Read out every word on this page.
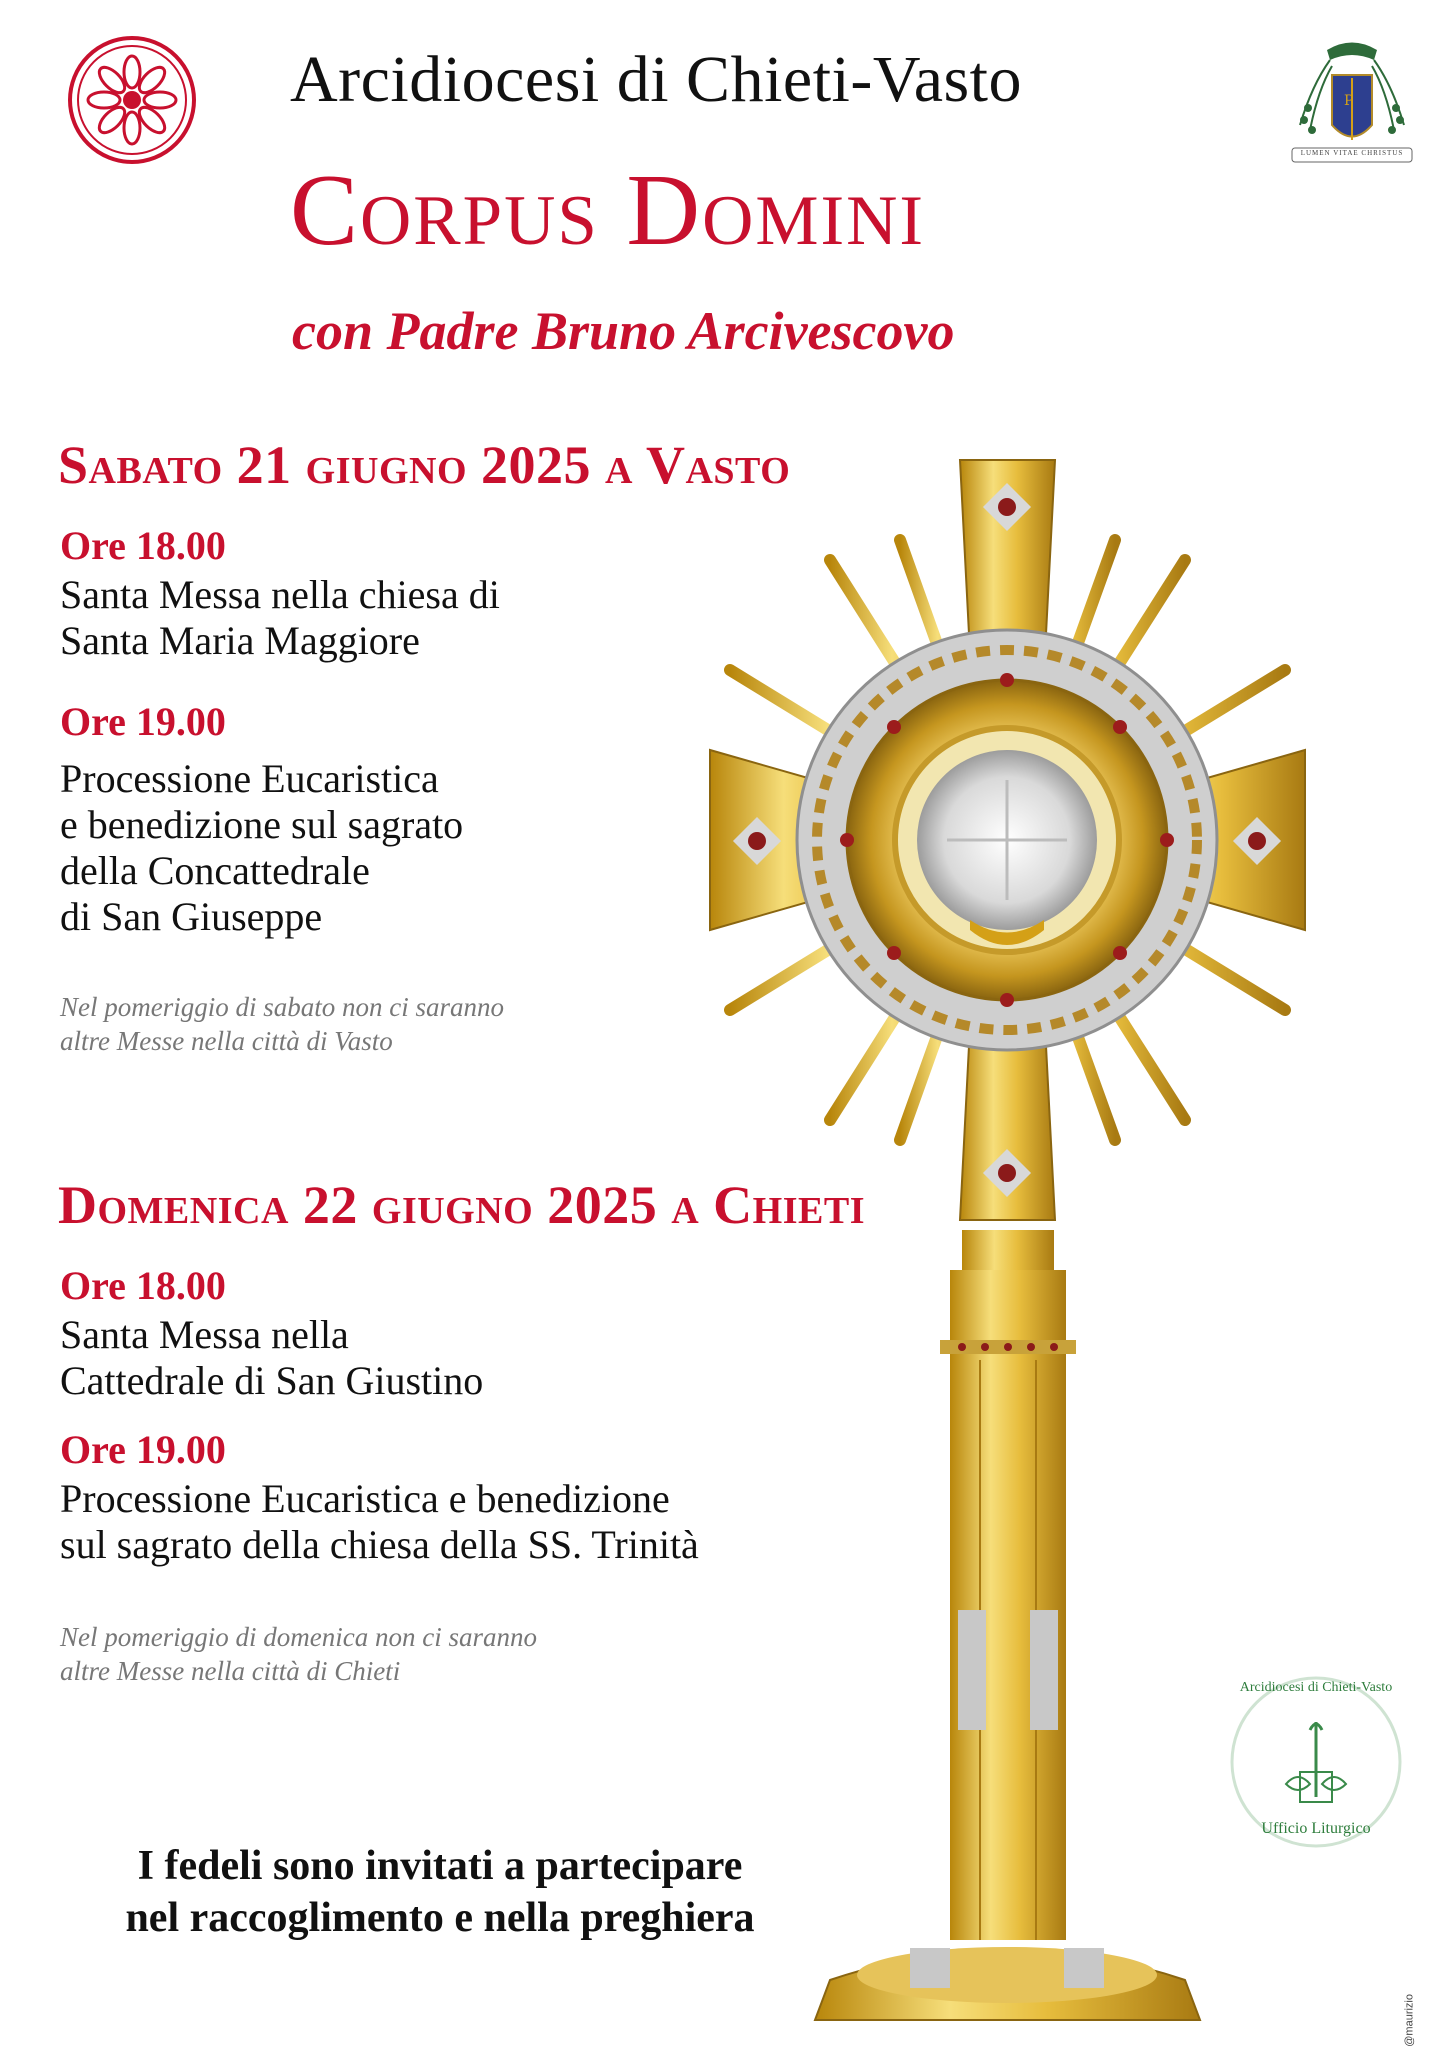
Arcidiocesi di Chieti-Vasto	P
LUMEN VITAE CHRISTUS
Corpus Domini
con Padre Bruno Arcivescovo
Sabato 21 giugno 2025 a Vasto
Ore 18.00
Santa Messa nella chiesa di
Santa Maria Maggiore
Ore 19.00
Processione Eucaristica
e benedizione sul sagrato
della Concattedrale
di San Giuseppe
Nel pomeriggio di sabato non ci saranno
altre Messe nella città di Vasto
Domenica 22 giugno 2025 a Chieti
Ore 18.00
Santa Messa nella
Cattedrale di San Giustino
Ore 19.00
Processione Eucaristica e benedizione
sul sagrato della chiesa della SS. Trinità
Nel pomeriggio di domenica non ci saranno
altre Messe nella città di Chieti
Arcidiocesi di Chieti-Vasto
Ufficio Liturgico
I fedeli sono invitati a partecipare
nel raccoglimento e nella preghiera
@maurizio
